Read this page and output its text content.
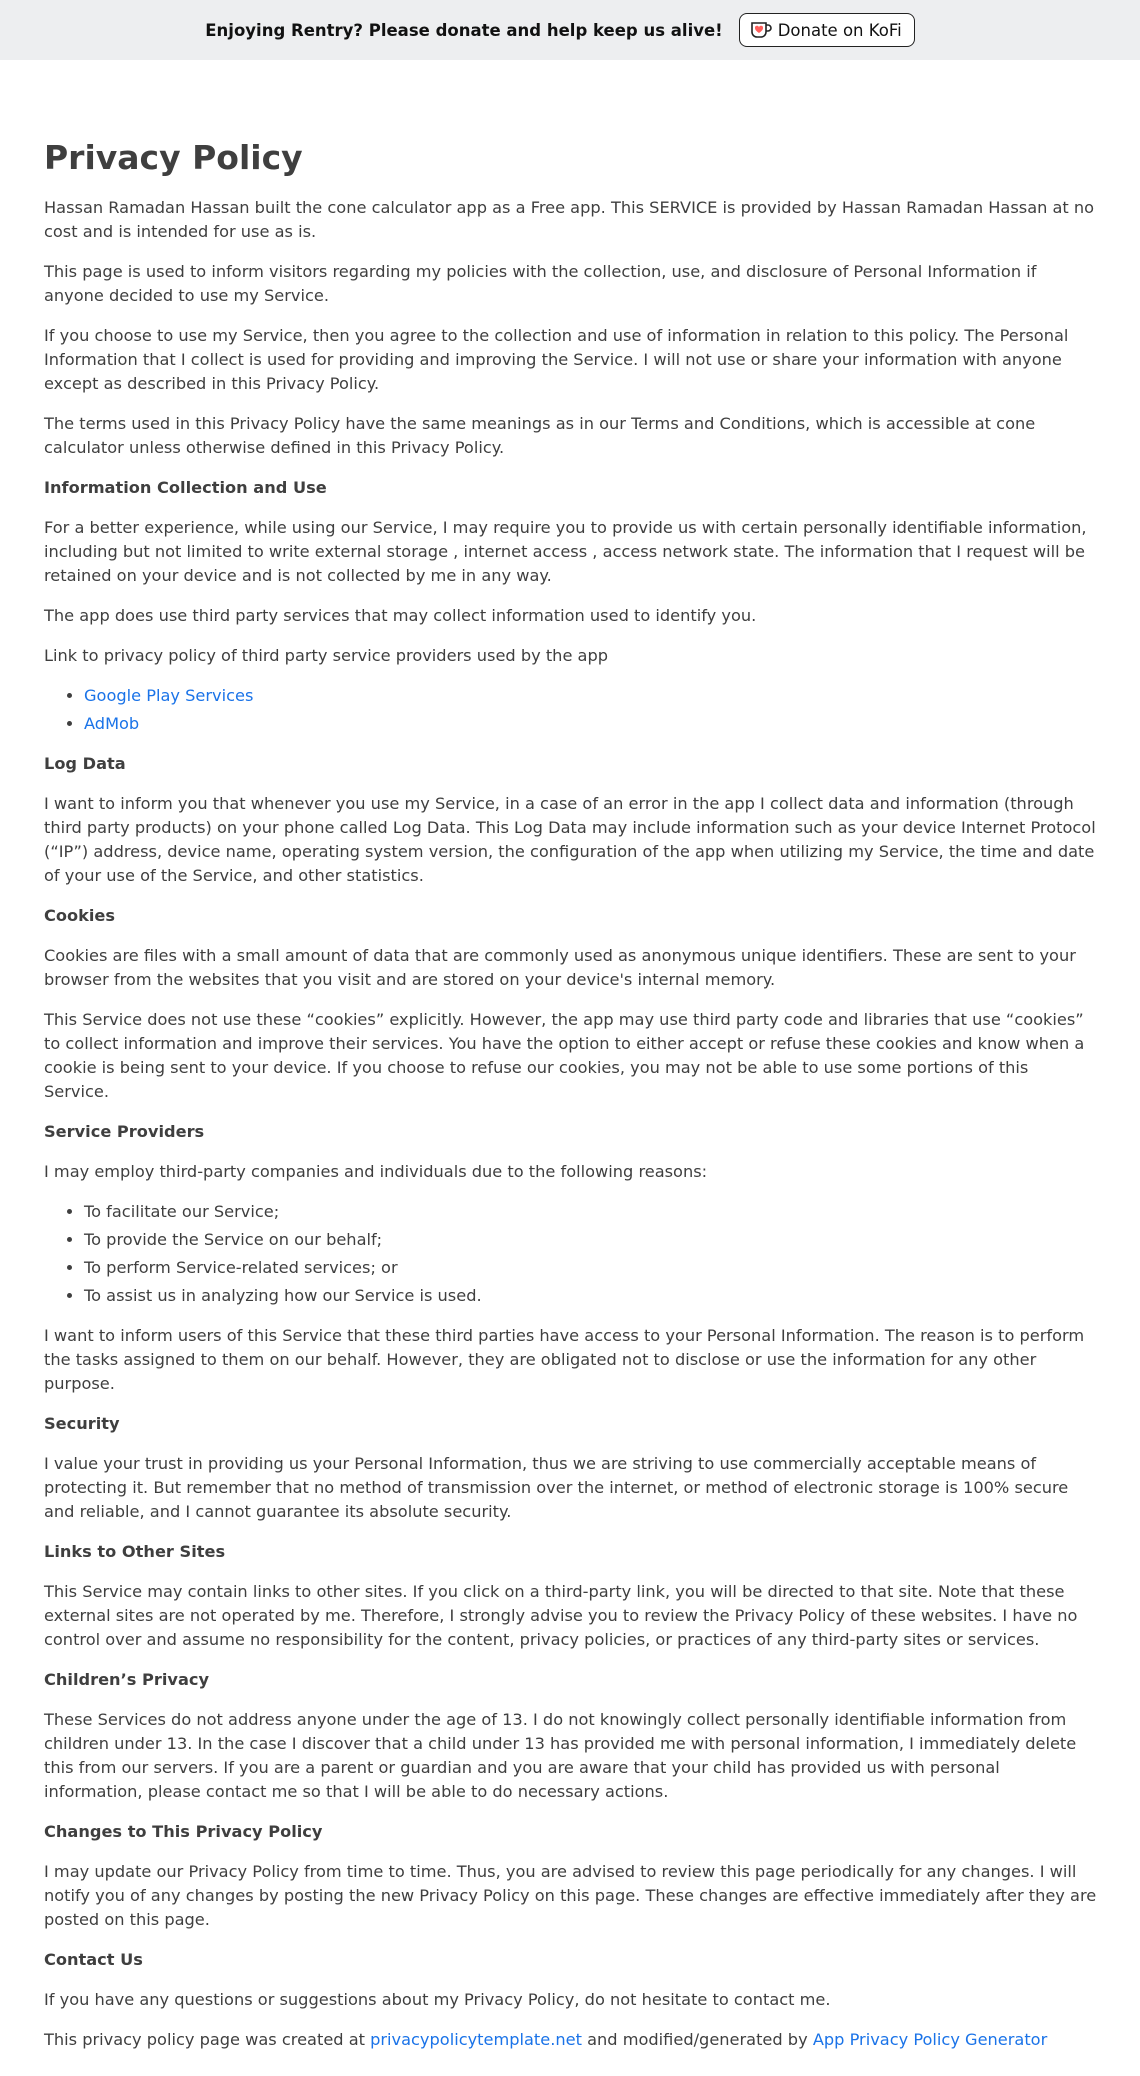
Enjoying Rentry? Please donate and help keep us alive!	Donate on KoFi
Privacy Policy

Hassan Ramadan Hassan built the cone calculator app as a Free app. This SERVICE is provided by Hassan Ramadan Hassan at no cost and is intended for use as is.

This page is used to inform visitors regarding my policies with the collection, use, and disclosure of Personal Information if anyone decided to use my Service.

If you choose to use my Service, then you agree to the collection and use of information in relation to this policy. The Personal Information that I collect is used for providing and improving the Service. I will not use or share your information with anyone except as described in this Privacy Policy.

The terms used in this Privacy Policy have the same meanings as in our Terms and Conditions, which is accessible at cone calculator unless otherwise defined in this Privacy Policy.

Information Collection and Use

For a better experience, while using our Service, I may require you to provide us with certain personally identifiable information, including but not limited to write external storage , internet access , access network state. The information that I request will be retained on your device and is not collected by me in any way.

The app does use third party services that may collect information used to identify you.

Link to privacy policy of third party service providers used by the app

• Google Play Services
• AdMob

Log Data

I want to inform you that whenever you use my Service, in a case of an error in the app I collect data and information (through third party products) on your phone called Log Data. This Log Data may include information such as your device Internet Protocol (“IP”) address, device name, operating system version, the configuration of the app when utilizing my Service, the time and date of your use of the Service, and other statistics.

Cookies

Cookies are files with a small amount of data that are commonly used as anonymous unique identifiers. These are sent to your browser from the websites that you visit and are stored on your device's internal memory.

This Service does not use these “cookies” explicitly. However, the app may use third party code and libraries that use “cookies” to collect information and improve their services. You have the option to either accept or refuse these cookies and know when a cookie is being sent to your device. If you choose to refuse our cookies, you may not be able to use some portions of this Service.

Service Providers

I may employ third-party companies and individuals due to the following reasons:

• To facilitate our Service;
• To provide the Service on our behalf;
• To perform Service-related services; or
• To assist us in analyzing how our Service is used.

I want to inform users of this Service that these third parties have access to your Personal Information. The reason is to perform the tasks assigned to them on our behalf. However, they are obligated not to disclose or use the information for any other purpose.

Security

I value your trust in providing us your Personal Information, thus we are striving to use commercially acceptable means of protecting it. But remember that no method of transmission over the internet, or method of electronic storage is 100% secure and reliable, and I cannot guarantee its absolute security.

Links to Other Sites

This Service may contain links to other sites. If you click on a third-party link, you will be directed to that site. Note that these external sites are not operated by me. Therefore, I strongly advise you to review the Privacy Policy of these websites. I have no control over and assume no responsibility for the content, privacy policies, or practices of any third-party sites or services.

Children’s Privacy

These Services do not address anyone under the age of 13. I do not knowingly collect personally identifiable information from children under 13. In the case I discover that a child under 13 has provided me with personal information, I immediately delete this from our servers. If you are a parent or guardian and you are aware that your child has provided us with personal information, please contact me so that I will be able to do necessary actions.

Changes to This Privacy Policy

I may update our Privacy Policy from time to time. Thus, you are advised to review this page periodically for any changes. I will notify you of any changes by posting the new Privacy Policy on this page. These changes are effective immediately after they are posted on this page.

Contact Us

If you have any questions or suggestions about my Privacy Policy, do not hesitate to contact me.

This privacy policy page was created at privacypolicytemplate.net and modified/generated by App Privacy Policy Generator
